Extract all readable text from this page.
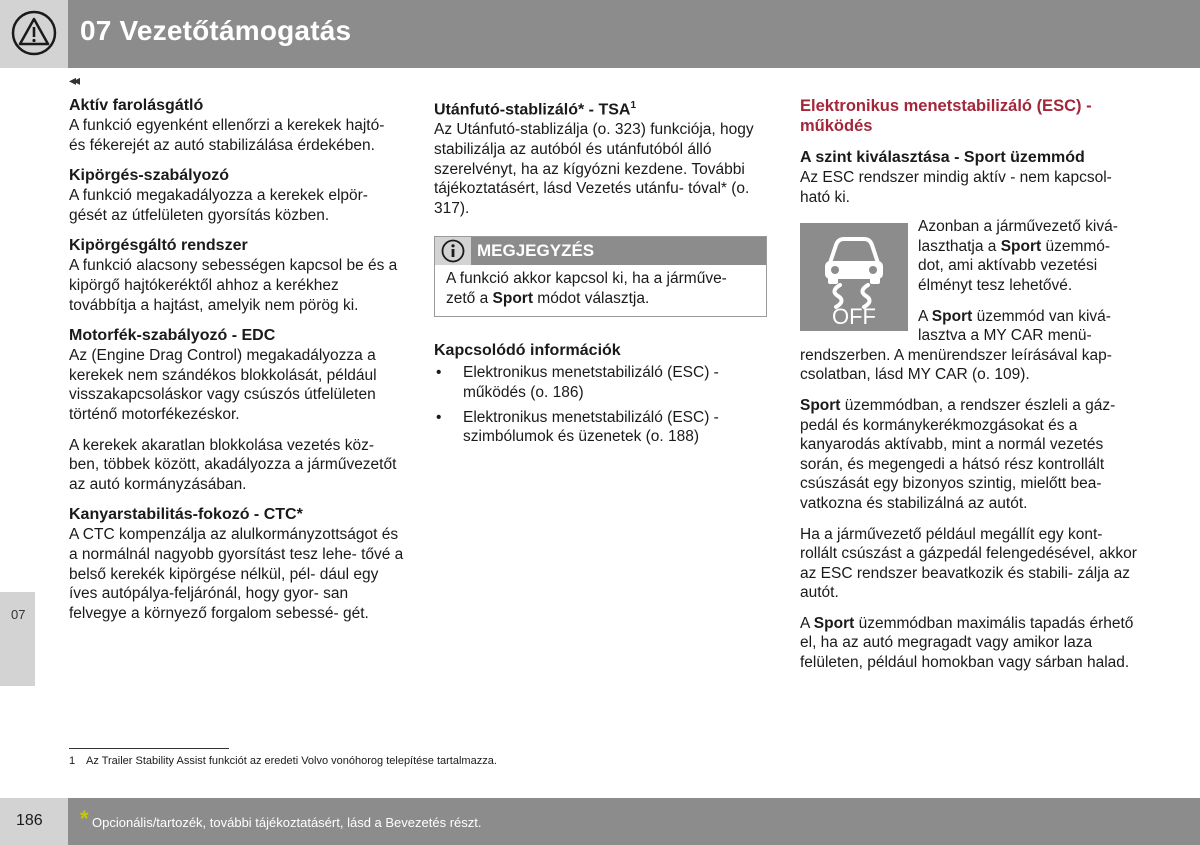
07 Vezetőtámogatás
◂◂
07
Aktív farolásgátló

A funkció egyenként ellenőrzi a kerekek hajtó- és fékerejét az autó stabilizálása érdekében.

Kipörgés-szabályozó

A funkció megakadályozza a kerekek elpör- gését az útfelületen gyorsítás közben.

Kipörgésgáltó rendszer

A funkció alacsony sebességen kapcsol be és a kipörgő hajtókeréktől ahhoz a kerékhez továbbítja a hajtást, amelyik nem pörög ki.

Motorfék-szabályozó - EDC

Az (Engine Drag Control) megakadályozza a kerekek nem szándékos blokkolását, például visszakapcsoláskor vagy csúszós útfelületen történő motorfékezéskor.

A kerekek akaratlan blokkolása vezetés köz- ben, többek között, akadályozza a járművezetőt az autó kormányzásában.

Kanyarstabilitás-fokozó - CTC*

A CTC kompenzálja az alulkormányzottságot és a normálnál nagyobb gyorsítást tesz lehe- tővé a belső kerekék kipörgése nélkül, pél- dául egy íves autópálya-feljárónál, hogy gyor- san felvegye a környező forgalom sebessé- gét.

Utánfutó-stablizáló* - TSA$^1$

Az Utánfutó-stablizálja (o. 323) funkciója, hogy stabilizálja az autóból és utánfutóból álló szerelvényt, ha az kígyózni kezdene. További tájékoztatásért, lásd Vezetés utánfu- tóval* (o. 317).

MEGJEGYZÉS
A funkció akkor kapcsol ki, ha a járműve- zető a Sport módot választja.
Kapcsolódó információk
• Elektronikus menetstabilizáló (ESC) - működés (o. 186)
• Elektronikus menetstabilizáló (ESC) - szimbólumok és üzenetek (o. 188)
Elektronikus menetstabilizáló (ESC) - működés
A szint kiválasztása - Sport üzemmód

Az ESC rendszer mindig aktív - nem kapcsol- ható ki.

OFF

Azonban a járművezető kivá- laszthatja a Sport üzemmó- dot, ami aktívabb vezetési élményt tesz lehetővé.

A Sport üzemmód van kivá- lasztva a MY CAR menü- rendszerben. A menürendszer leírásával kap- csolatban, lásd MY CAR (o. 109).

Sport üzemmódban, a rendszer észleli a gáz- pedál és kormánykerékmozgásokat és a kanyarodás aktívabb, mint a normál vezetés során, és megengedi a hátsó rész kontrollált csúszását egy bizonyos szintig, mielőtt bea- vatkozna és stabilizálná az autót.

Ha a járművezető például megállít egy kont- rollált csúszást a gázpedál felengedésével, akkor az ESC rendszer beavatkozik és stabili- zálja az autót.

A Sport üzemmódban maximális tapadás érhető el, ha az autó megragadt vagy amikor laza felületen, például homokban vagy sárban halad.

1 Az Trailer Stability Assist funkciót az eredeti Volvo vonóhorog telepítése tartalmazza.
186 * Opcionális/tartozék, további tájékoztatásért, lásd a Bevezetés részt.
